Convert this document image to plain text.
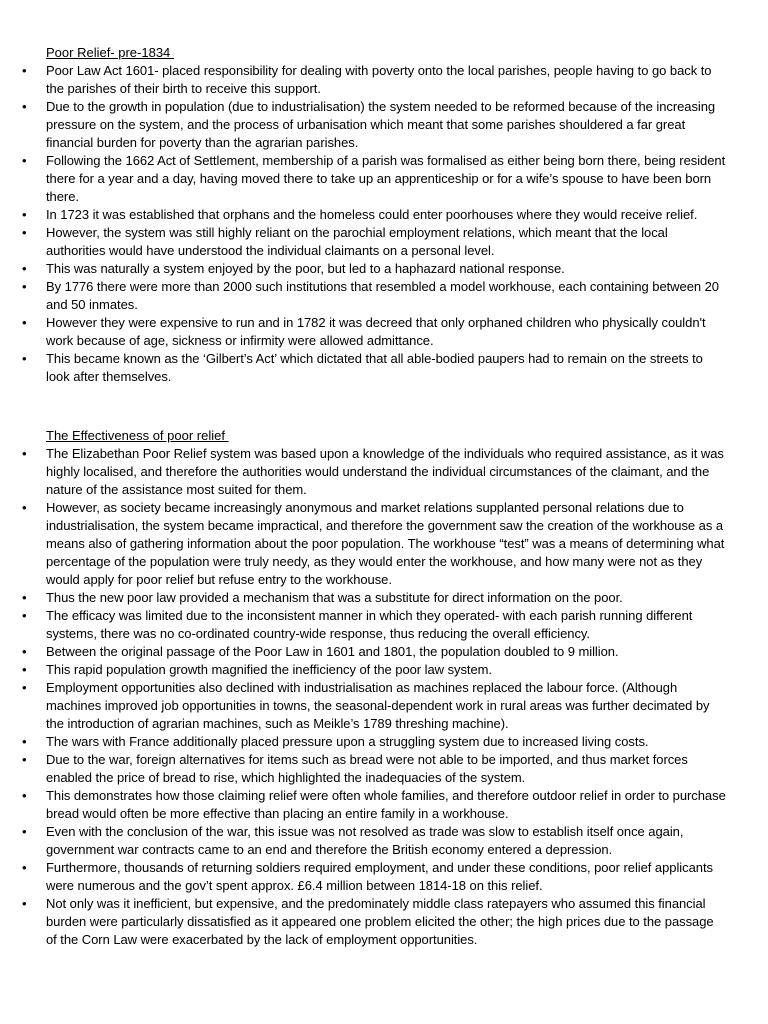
Poor Relief- pre-1834
• Poor Law Act 1601- placed responsibility for dealing with poverty onto the local parishes, people having to go back to the parishes of their birth to receive this support.
• Due to the growth in population (due to industrialisation) the system needed to be reformed because of the increasing pressure on the system, and the process of urbanisation which meant that some parishes shouldered a far great financial burden for poverty than the agrarian parishes.
• Following the 1662 Act of Settlement, membership of a parish was formalised as either being born there, being resident there for a year and a day, having moved there to take up an apprenticeship or for a wife’s spouse to have been born there.
• In 1723 it was established that orphans and the homeless could enter poorhouses where they would receive relief.
• However, the system was still highly reliant on the parochial employment relations, which meant that the local authorities would have understood the individual claimants on a personal level.
• This was naturally a system enjoyed by the poor, but led to a haphazard national response.
• By 1776 there were more than 2000 such institutions that resembled a model workhouse, each containing between 20 and 50 inmates.
• However they were expensive to run and in 1782 it was decreed that only orphaned children who physically couldn't work because of age, sickness or infirmity were allowed admittance.
• This became known as the ‘Gilbert’s Act’ which dictated that all able-bodied paupers had to remain on the streets to look after themselves.
The Effectiveness of poor relief
• The Elizabethan Poor Relief system was based upon a knowledge of the individuals who required assistance, as it was highly localised, and therefore the authorities would understand the individual circumstances of the claimant, and the nature of the assistance most suited for them.
• However, as society became increasingly anonymous and market relations supplanted personal relations due to industrialisation, the system became impractical, and therefore the government saw the creation of the workhouse as a means also of gathering information about the poor population. The workhouse “test” was a means of determining what percentage of the population were truly needy, as they would enter the workhouse, and how many were not as they would apply for poor relief but refuse entry to the workhouse.
• Thus the new poor law provided a mechanism that was a substitute for direct information on the poor.
• The efficacy was limited due to the inconsistent manner in which they operated- with each parish running different systems, there was no co-ordinated country-wide response, thus reducing the overall efficiency.
• Between the original passage of the Poor Law in 1601 and 1801, the population doubled to 9 million.
• This rapid population growth magnified the inefficiency of the poor law system.
• Employment opportunities also declined with industrialisation as machines replaced the labour force. (Although machines improved job opportunities in towns, the seasonal-dependent work in rural areas was further decimated by the introduction of agrarian machines, such as Meikle’s 1789 threshing machine).
• The wars with France additionally placed pressure upon a struggling system due to increased living costs.
• Due to the war, foreign alternatives for items such as bread were not able to be imported, and thus market forces enabled the price of bread to rise, which highlighted the inadequacies of the system.
• This demonstrates how those claiming relief were often whole families, and therefore outdoor relief in order to purchase bread would often be more effective than placing an entire family in a workhouse.
• Even with the conclusion of the war, this issue was not resolved as trade was slow to establish itself once again, government war contracts came to an end and therefore the British economy entered a depression.
• Furthermore, thousands of returning soldiers required employment, and under these conditions, poor relief applicants were numerous and the gov’t spent approx. £6.4 million between 1814-18 on this relief.
• Not only was it inefficient, but expensive, and the predominately middle class ratepayers who assumed this financial burden were particularly dissatisfied as it appeared one problem elicited the other; the high prices due to the passage of the Corn Law were exacerbated by the lack of employment opportunities.
